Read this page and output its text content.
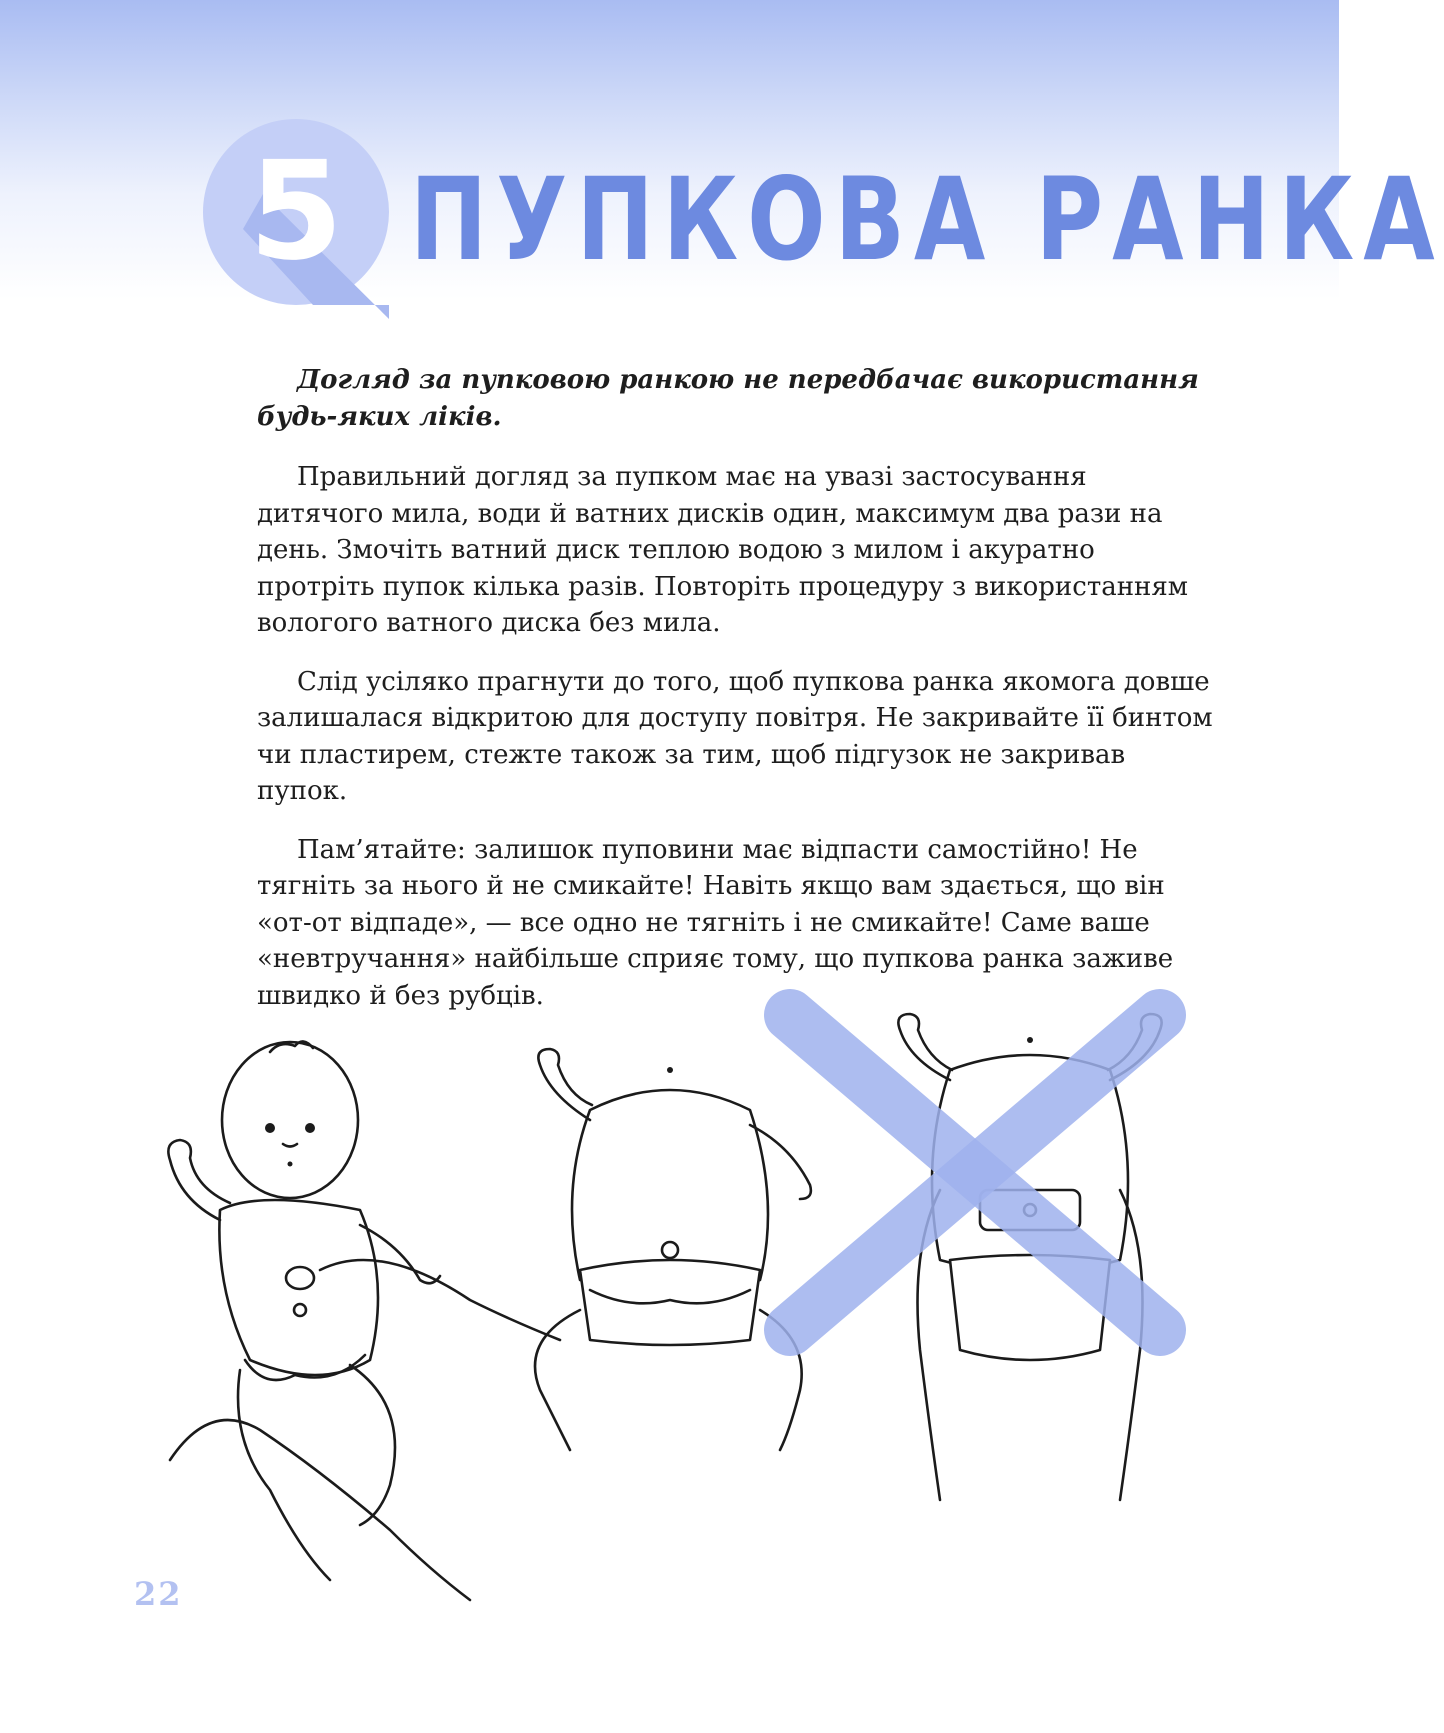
5 ПУПКОВА РАНКА

Догляд за пупковою ранкою не передбачає використання будь-яких ліків.

Правильний догляд за пупком має на увазі застосування дитячого мила, води й ватних дисків один, максимум два рази на день. Змочіть ватний диск теплою водою з милом і акуратно протріть пупок кілька разів. Повторіть процедуру з використанням вологого ватного диска без мила.

Слід усіляко прагнути до того, щоб пупкова ранка якомога довше залишалася відкритою для доступу повітря. Не закривайте її бинтом чи пластирем, стежте також за тим, щоб підгузок не закривав пупок.

Пам’ятайте: залишок пуповини має відпасти самостійно! Не тягніть за нього й не смикайте! Навіть якщо вам здається, що він «от-от відпаде», — все одно не тягніть і не смикайте! Саме ваше «невтручання» найбільше сприяє тому, що пупкова ранка заживе швидко й без рубців.

22
